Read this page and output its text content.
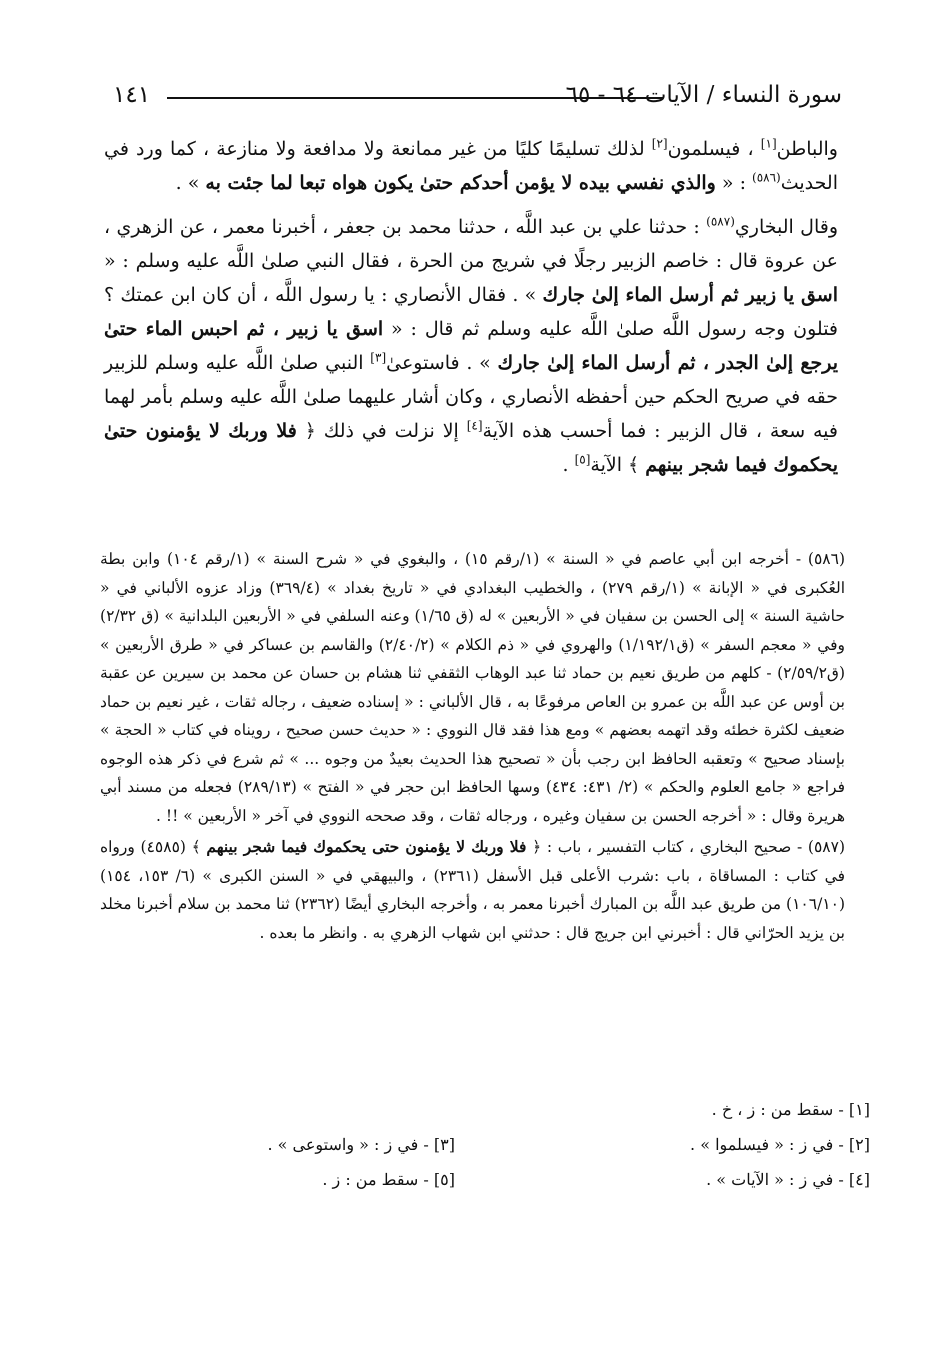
سورة النساء / الآيات ٦٤ - ٦٥
١٤١

والباطن[١] ، فيسلمون[٢] لذلك تسليمًا كليًا من غير ممانعة ولا مدافعة ولا منازعة ، كما ورد في الحديث$^{(٥٨٦)}$ : « والذي نفسي بيده لا يؤمن أحدكم حتىٰ يكون هواه تبعا لما جئت به » .

وقال البخاري$^{(٥٨٧)}$ : حدثنا علي بن عبد اللَّه ، حدثنا محمد بن جعفر ، أخبرنا معمر ، عن الزهري ، عن عروة قال : خاصم الزبير رجلًا في شريج من الحرة ، فقال النبي صلىٰ اللَّه عليه وسلم : « اسق يا زبير ثم أرسل الماء إلىٰ جارك » . فقال الأنصاري : يا رسول اللَّه ، أن كان ابن عمتك ؟ فتلون وجه رسول اللَّه صلىٰ اللَّه عليه وسلم ثم قال : « اسق يا زبير ، ثم احبس الماء حتىٰ يرجع إلىٰ الجدر ، ثم أرسل الماء إلىٰ جارك » . فاستوعىٰ[٣] النبي صلىٰ اللَّه عليه وسلم للزبير حقه في صريح الحكم حين أحفظه الأنصاري ، وكان أشار عليهما صلىٰ اللَّه عليه وسلم بأمر لهما فيه سعة ، قال الزبير : فما أحسب هذه الآية[٤] إلا نزلت في ذلك ﴿ فلا وربك لا يؤمنون حتىٰ يحكموك فيما شجر بينهم ﴾ الآية[٥] .

(٥٨٦) - أخرجه ابن أبي عاصم في « السنة » (١/رقم ١٥) ، والبغوي في « شرح السنة » (١/رقم ١٠٤) وابن بطة العُكبرى في « الإبانة » (١/رقم ٢٧٩) ، والخطيب البغدادي في « تاريخ بغداد » (٣٦٩/٤) وزاد عزوه الألباني في « حاشية السنة » إلى الحسن بن سفيان في « الأربعين » له (ق ١/٦٥) وعنه السلفي في « الأربعين البلدانية » (ق ٢/٣٢) وفي « معجم السفر » (ق١/١٩٢/١) والهروي في « ذم الكلام » (٢/٤٠/٢) والقاسم بن عساكر في « طرق الأربعين » (ق٢/٥٩/٢) - كلهم من طريق نعيم بن حماد ثنا عبد الوهاب الثقفي ثنا هشام بن حسان عن محمد بن سيرين عن عقبة بن أوس عن عبد اللَّه بن عمرو بن العاص مرفوعًا به ، قال الألباني : « إسناده ضعيف ، رجاله ثقات ، غير نعيم بن حماد ضعيف لكثرة خطئه وقد اتهمه بعضهم » ومع هذا فقد قال النووي : « حديث حسن صحيح ، رويناه في كتاب « الحجة » بإسناد صحيح » وتعقبه الحافظ ابن رجب بأن « تصحيح هذا الحديث بعيدٌ من وجوه ... » ثم شرع في ذكر هذه الوجوه فراجع « جامع العلوم والحكم » (٢/ ٤٣١: ٤٣٤) وسها الحافظ ابن حجر في « الفتح » (٢٨٩/١٣) فجعله من مسند أبي هريرة وقال : « أخرجه الحسن بن سفيان وغيره ، ورجاله ثقات ، وقد صححه النووي في آخر « الأربعين » !! .

(٥٨٧) - صحيح البخاري ، كتاب التفسير ، باب : ﴿ فلا وربك لا يؤمنون حتى يحكموك فيما شجر بينهم ﴾ (٤٥٨٥) ورواه في كتاب : المساقاة ، باب :شرب الأعلى قبل الأسفل (٢٣٦١) ، والبيهقي في « السنن الكبرى » (٦/ ١٥٣، ١٥٤) (١٠٦/١٠) من طريق عبد اللَّه بن المبارك أخبرنا معمر به ، وأخرجه البخاري أيضًا (٢٣٦٢) ثنا محمد بن سلام أخبرنا مخلد بن يزيد الحرّاني قال : أخبرني ابن جريج قال : حدثني ابن شهاب الزهري به . وانظر ما بعده .

[١] - سقط من : ز ، خ .
[٢] - في ز : « فيسلموا » .
[٣] - في ز : « واستوعى » .
[٤] - في ز : « الآيات » .
[٥] - سقط من : ز .
